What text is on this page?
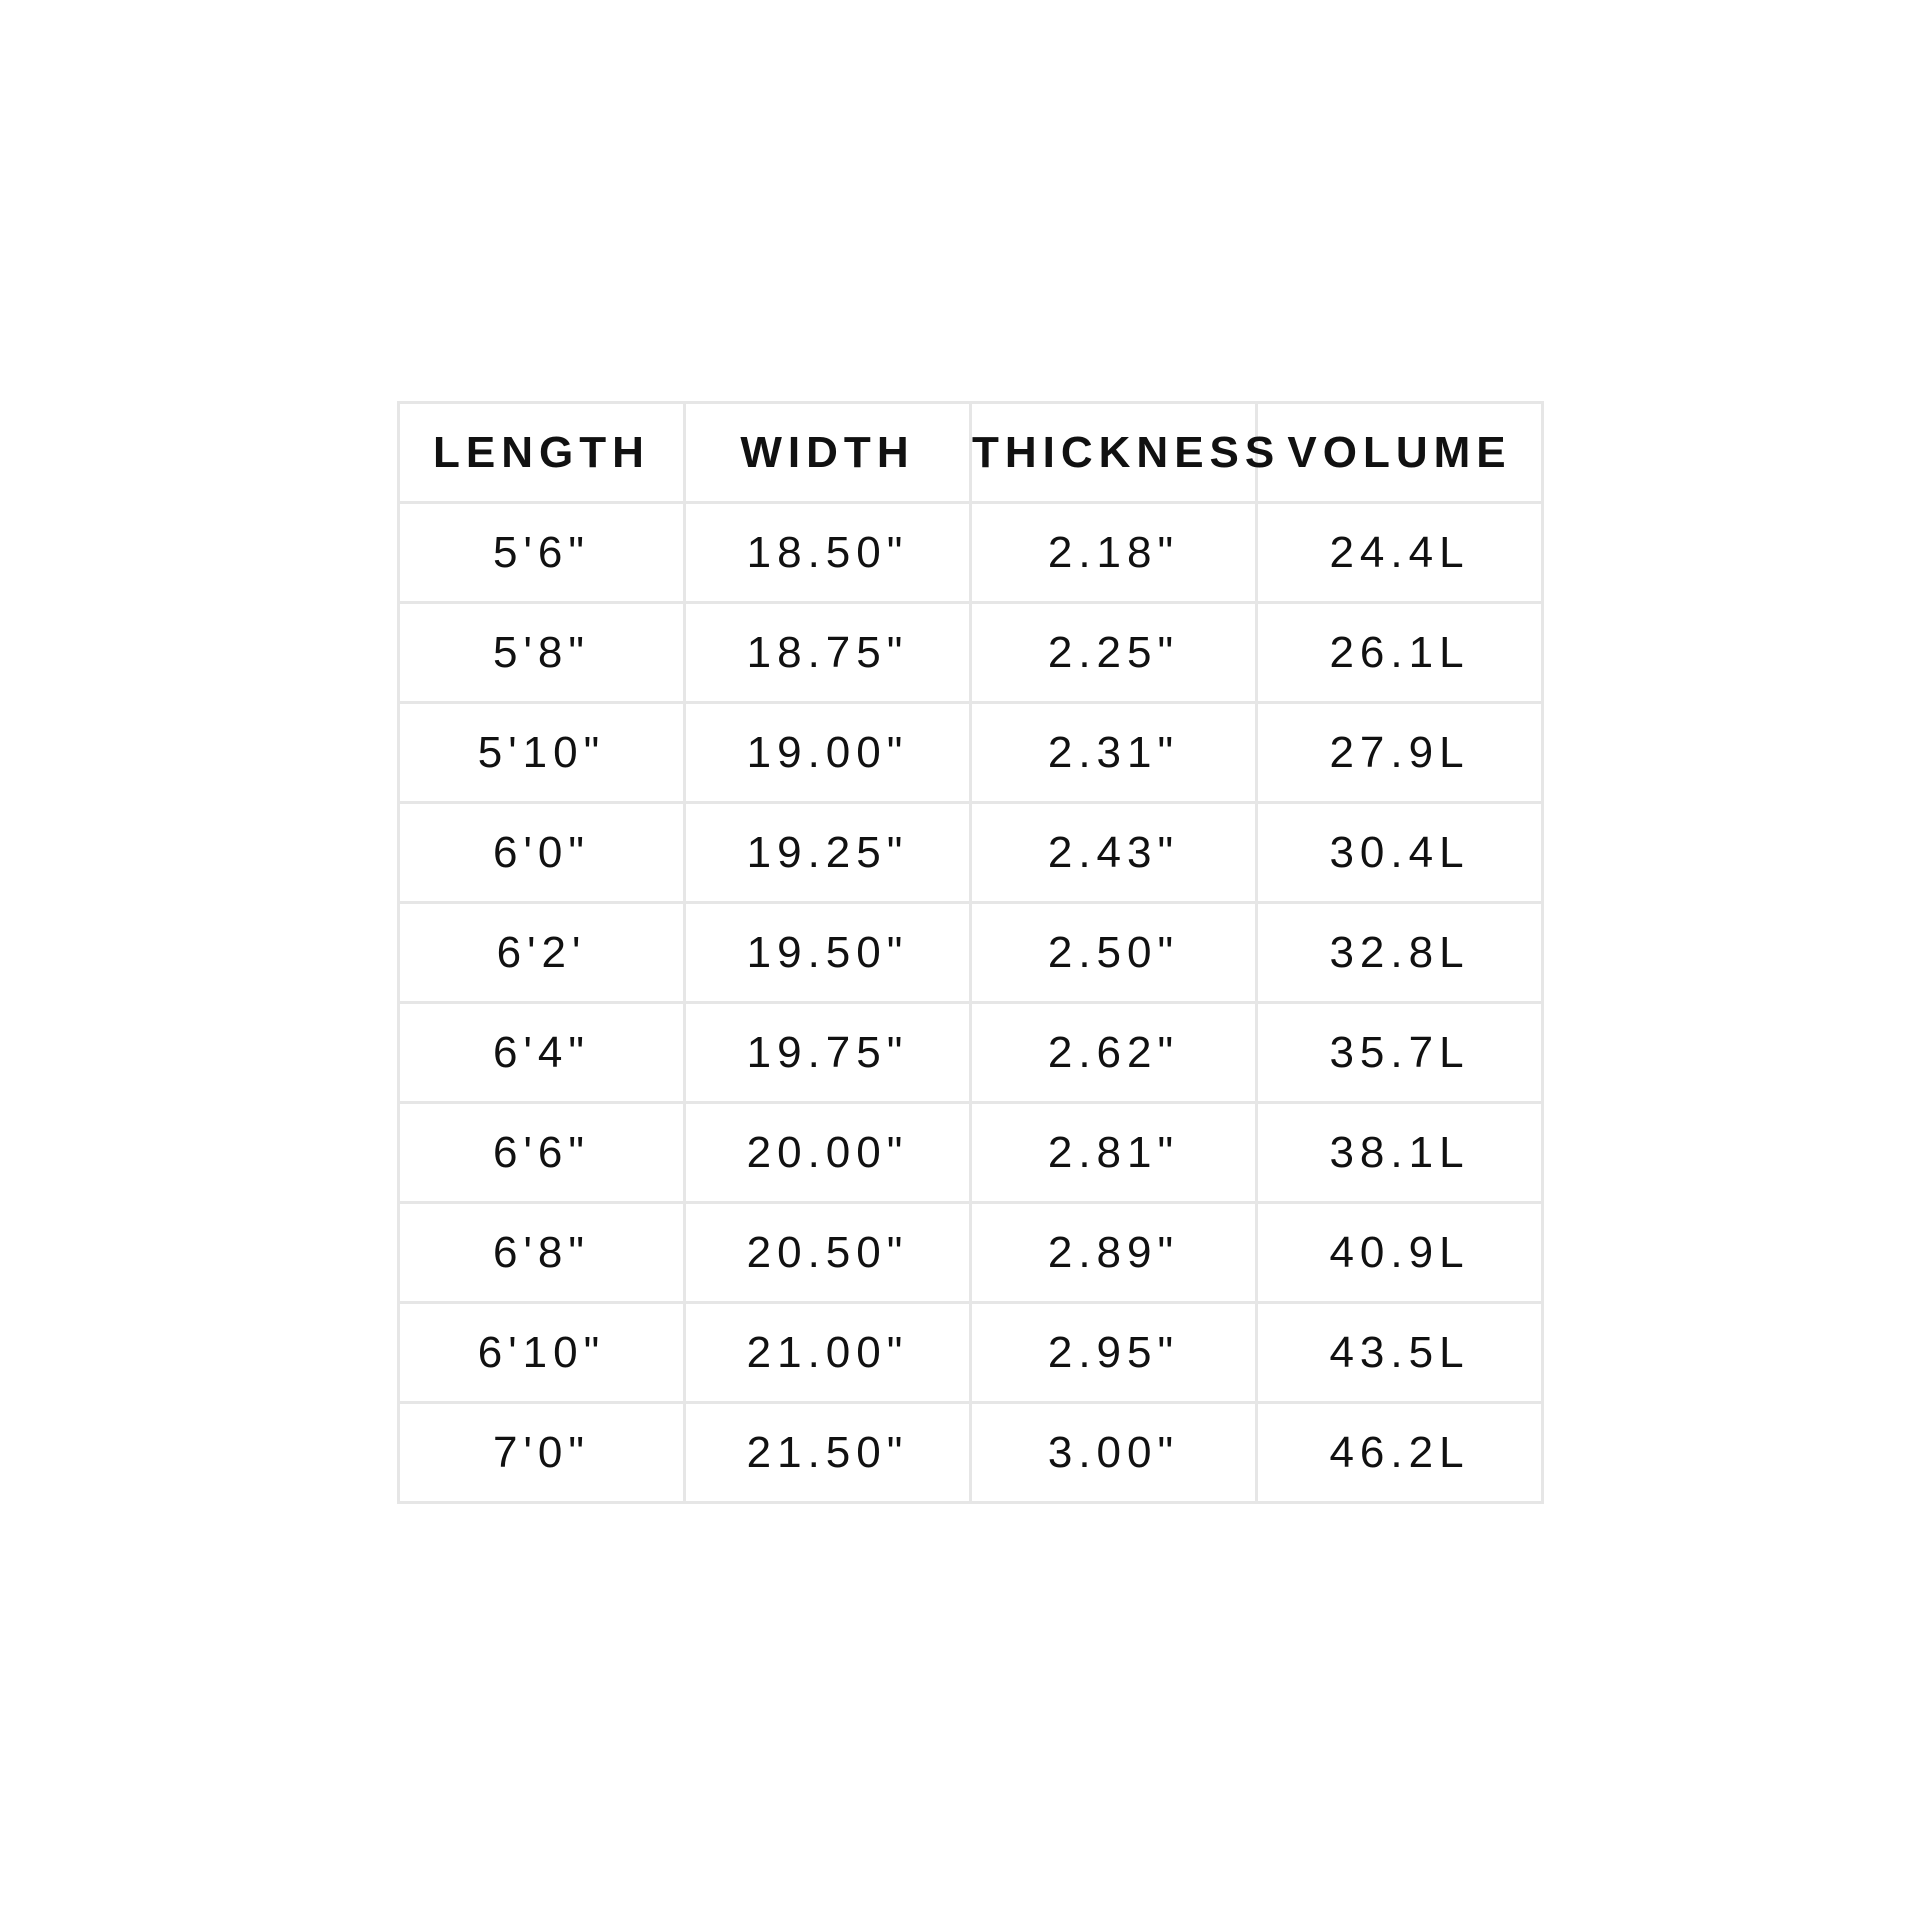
LENGTH	WIDTH	THICKNESS	VOLUME
5'6"	18.50"	2.18"	24.4L
5'8"	18.75"	2.25"	26.1L
5'10"	19.00"	2.31"	27.9L
6'0"	19.25"	2.43"	30.4L
6'2'	19.50"	2.50"	32.8L
6'4"	19.75"	2.62"	35.7L
6'6"	20.00"	2.81"	38.1L
6'8"	20.50"	2.89"	40.9L
6'10"	21.00"	2.95"	43.5L
7'0"	21.50"	3.00"	46.2L
